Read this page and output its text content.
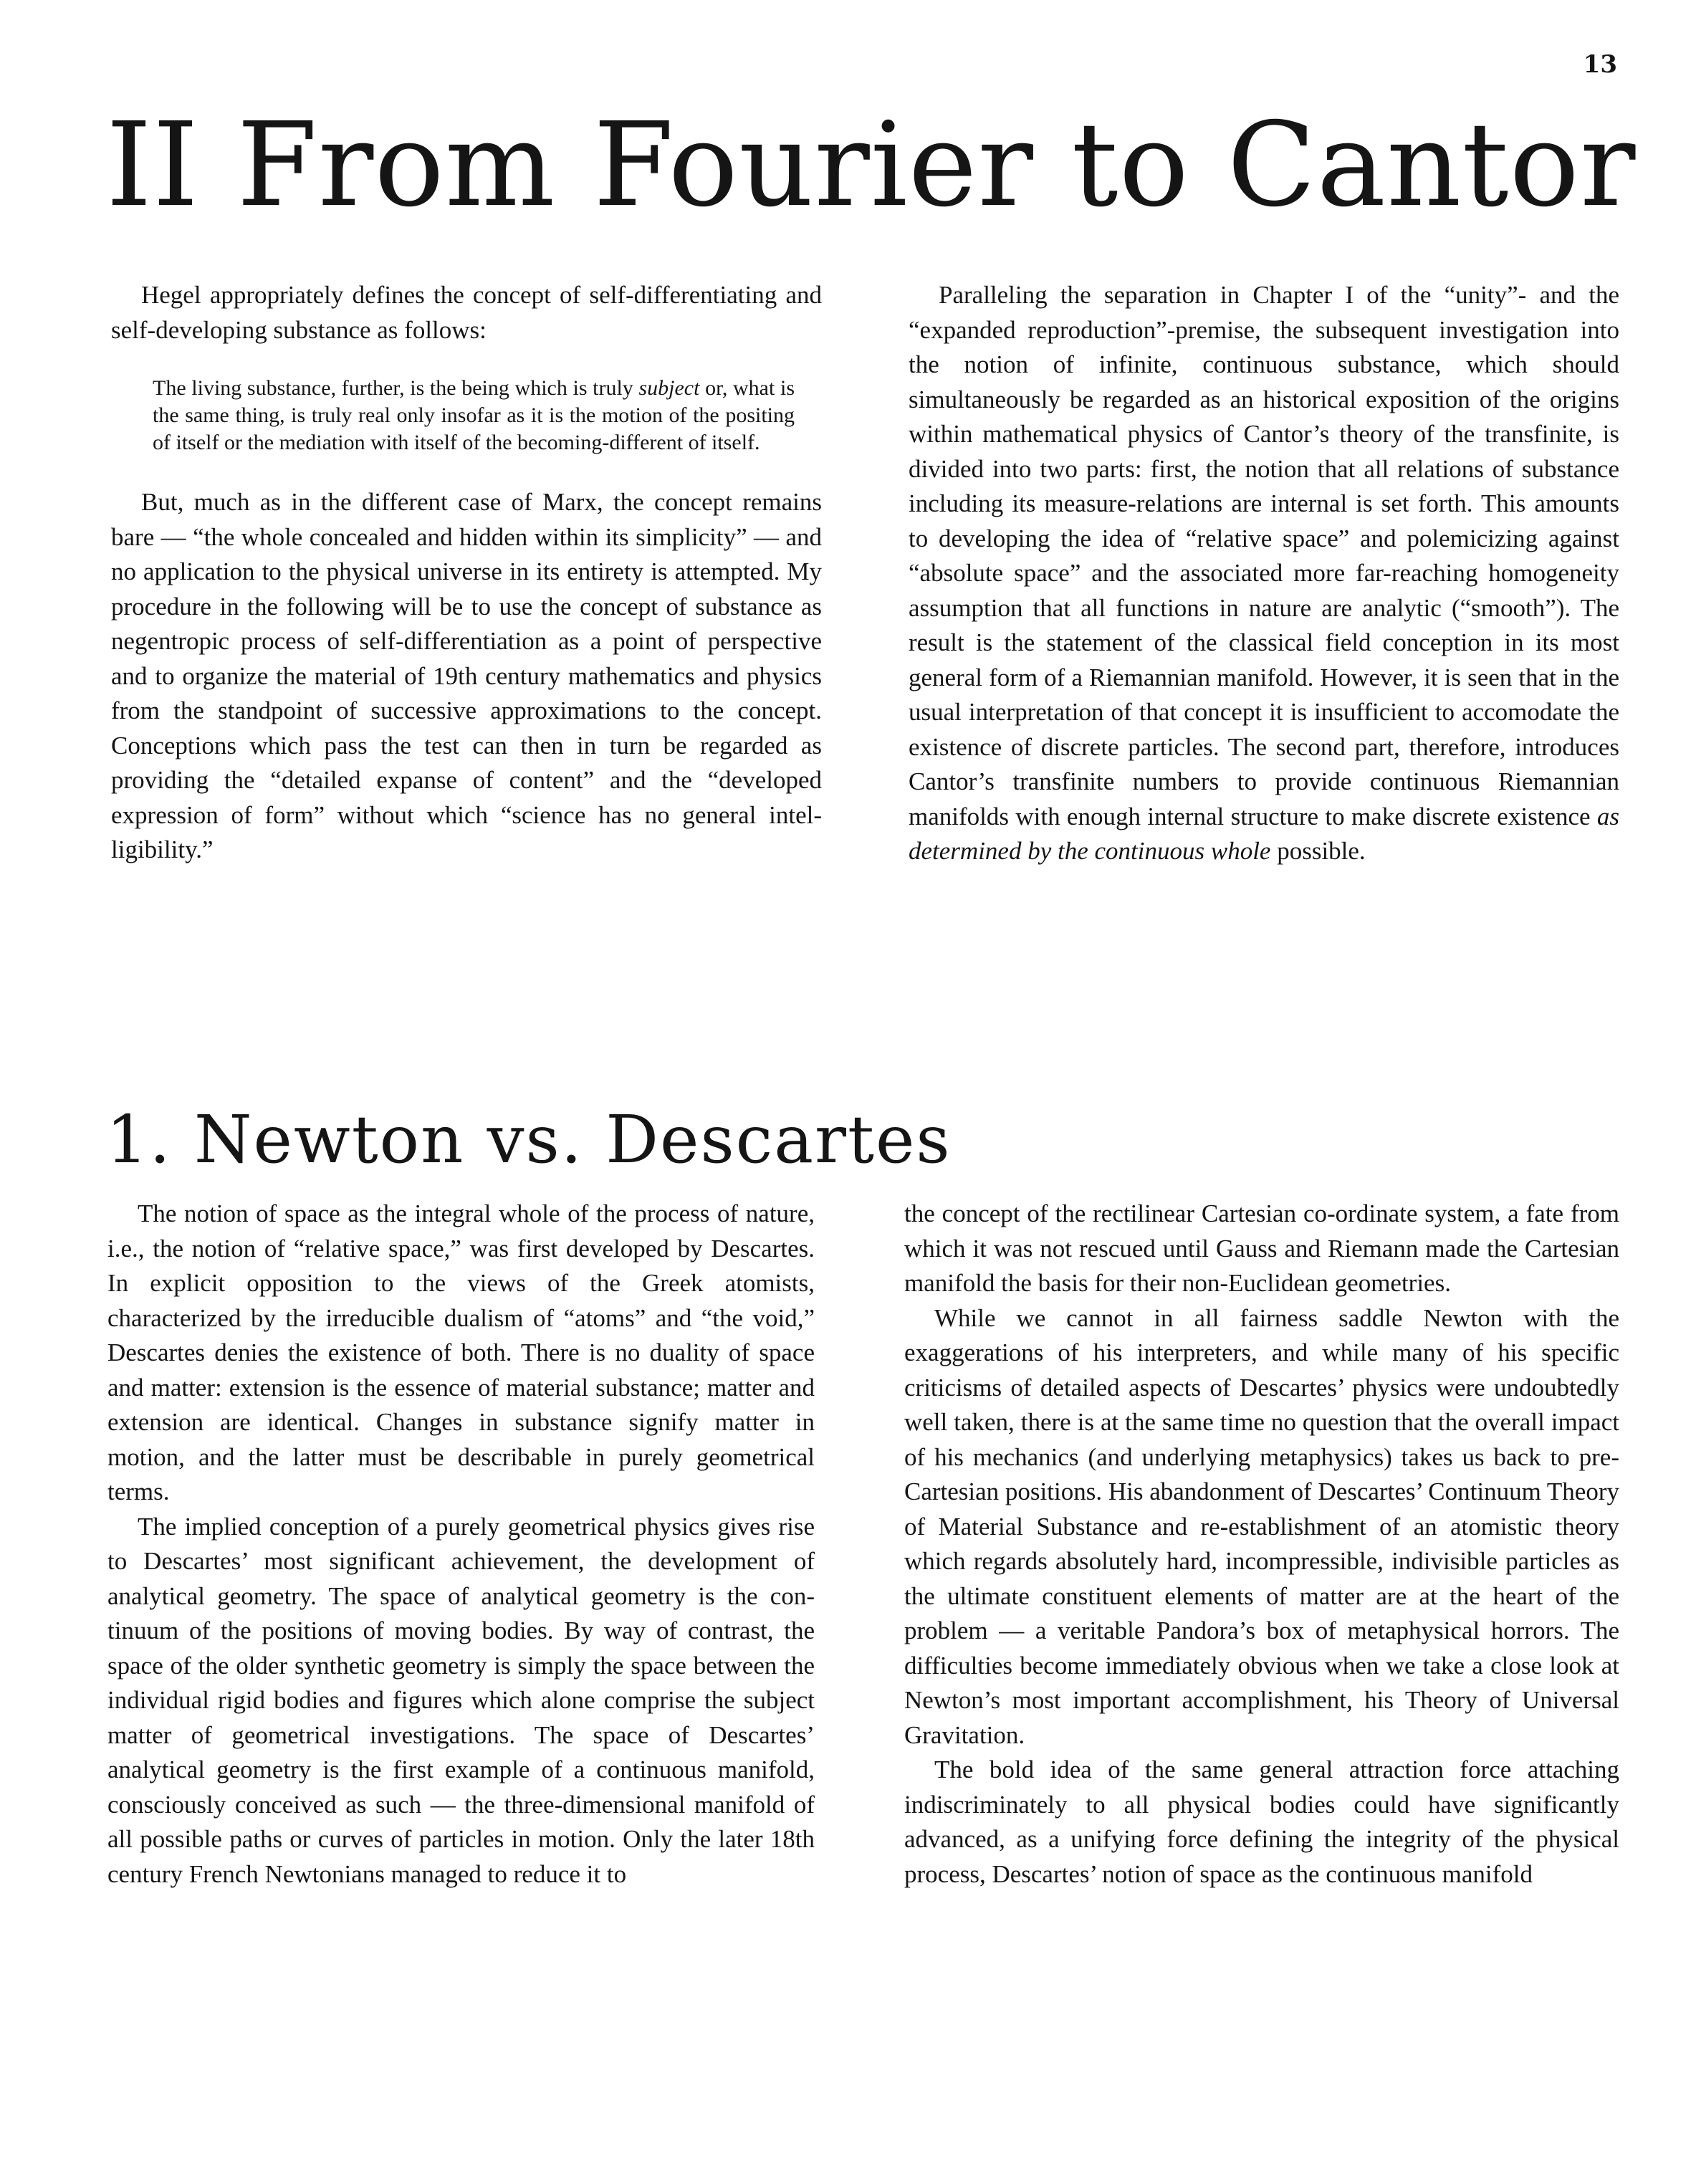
13
II From Fourier to Cantor

Hegel appropriately defines the concept of self-differentiating and self-developing substance as follows:

The living substance, further, is the being which is truly subject or, what is the same thing, is truly real only insofar as it is the motion of the positing of itself or the mediation with itself of the becoming-different of itself.

But, much as in the different case of Marx, the concept remains bare — “the whole concealed and hidden within its simplicity” — and no application to the physical universe in its entirety is attempted. My procedure in the following will be to use the concept of substance as negentropic process of self-differentiation as a point of perspective and to organize the material of 19th century mathematics and physics from the standpoint of successive approximations to the concept. Conceptions which pass the test can then in turn be regarded as providing the “detailed expanse of content” and the “developed expression of form” without which “science has no general intelligibility.”

Paralleling the separation in Chapter I of the “unity”- and the “expanded reproduction”-premise, the subsequent investigation into the notion of infinite, continuous substance, which should simultaneously be regarded as an historical exposition of the origins within mathematical physics of Cantor’s theory of the transfinite, is divided into two parts: first, the notion that all relations of substance including its measure-relations are internal is set forth. This amounts to developing the idea of “relative space” and polemicizing against “absolute space” and the associated more far-reaching homogeneity assumption that all functions in nature are analytic (“smooth”). The result is the statement of the classical field conception in its most general form of a Riemannian manifold. However, it is seen that in the usual interpretation of that concept it is insufficient to accomodate the existence of discrete particles. The second part, therefore, introduces Cantor’s transfinite numbers to provide continuous Riemannian manifolds with enough internal structure to make discrete existence as determined by the continuous whole possible.

1. Newton vs. Descartes

The notion of space as the integral whole of the process of nature, i.e., the notion of “relative space,” was first developed by Descartes. In explicit opposition to the views of the Greek atomists, characterized by the irreducible dualism of “atoms” and “the void,” Descartes denies the existence of both. There is no duality of space and matter: extension is the essence of material substance; matter and extension are identical. Changes in substance signify matter in motion, and the latter must be describable in purely geometrical terms.

The implied conception of a purely geometrical physics gives rise to Descartes’ most significant achievement, the development of analytical geometry. The space of analytical geometry is the continuum of the positions of moving bodies. By way of contrast, the space of the older synthetic geometry is simply the space between the individual rigid bodies and figures which alone comprise the subject matter of geometrical investigations. The space of Descartes’ analytical geometry is the first example of a continuous manifold, consciously conceived as such — the three-dimensional manifold of all possible paths or curves of particles in motion. Only the later 18th century French Newtonians managed to reduce it to

the concept of the rectilinear Cartesian co-ordinate system, a fate from which it was not rescued until Gauss and Riemann made the Cartesian manifold the basis for their non-Euclidean geometries.

While we cannot in all fairness saddle Newton with the exaggerations of his interpreters, and while many of his specific criticisms of detailed aspects of Descartes’ physics were undoubtedly well taken, there is at the same time no question that the overall impact of his mechanics (and underlying metaphysics) takes us back to pre-Cartesian positions. His abandonment of Descartes’ Continuum Theory of Material Substance and re-establishment of an atomistic theory which regards absolutely hard, incompressible, indivisible particles as the ultimate constituent elements of matter are at the heart of the problem — a veritable Pandora’s box of metaphysical horrors. The difficulties become immediately obvious when we take a close look at Newton’s most important accomplishment, his Theory of Universal Gravitation.

The bold idea of the same general attraction force attaching indiscriminately to all physical bodies could have significantly advanced, as a unifying force defining the integrity of the physical process, Descartes’ notion of space as the continuous manifold
